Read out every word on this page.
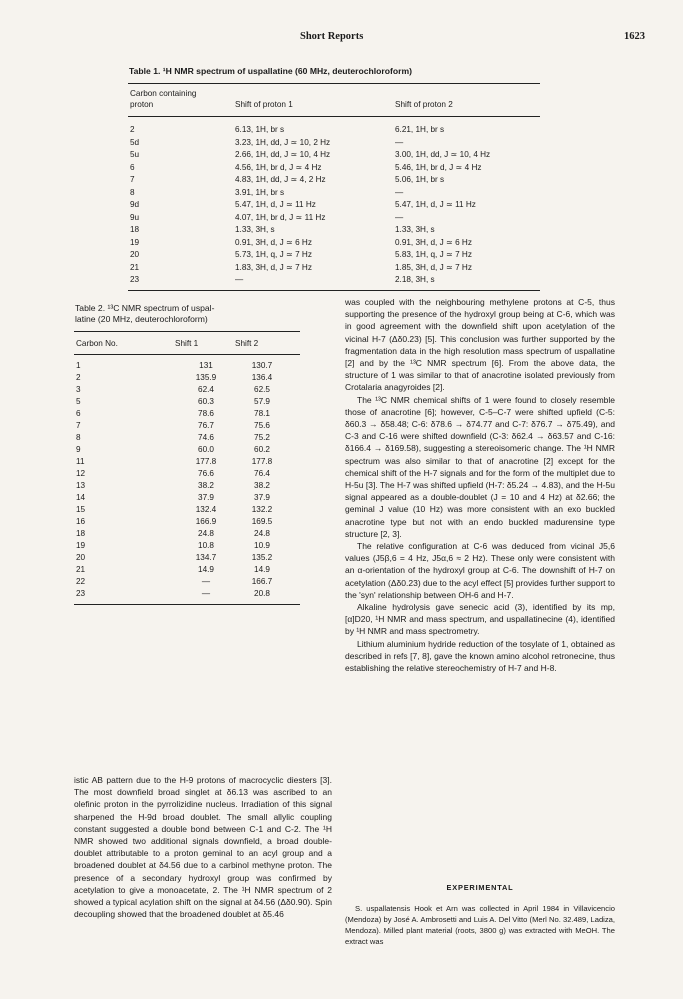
Short Reports	1623
Table 1. ¹H NMR spectrum of uspallatine (60 MHz, deuterochloroform)
Carbon containing
proton	Shift of proton 1	Shift of proton 2
2	6.13, 1H, br s	6.21, 1H, br s
5d	3.23, 1H, dd, J ≃ 10, 2 Hz	—
5u	2.66, 1H, dd, J ≃ 10, 4 Hz	3.00, 1H, dd, J ≃ 10, 4 Hz
6	4.56, 1H, br d, J ≃ 4 Hz	5.46, 1H, br d, J ≃ 4 Hz
7	4.83, 1H, dd, J ≃ 4, 2 Hz	5.06, 1H, br s
8	3.91, 1H, br s	—
9d	5.47, 1H, d, J ≃ 11 Hz	5.47, 1H, d, J ≃ 11 Hz
9u	4.07, 1H, br d, J ≃ 11 Hz	—
18	1.33, 3H, s	1.33, 3H, s
19	0.91, 3H, d, J ≃ 6 Hz	0.91, 3H, d, J ≃ 6 Hz
20	5.73, 1H, q, J ≃ 7 Hz	5.83, 1H, q, J ≃ 7 Hz
21	1.83, 3H, d, J ≃ 7 Hz	1.85, 3H, d, J ≃ 7 Hz
23	—	2.18, 3H, s
Table 2. ¹³C NMR spectrum of uspal-
latine (20 MHz, deuterochloroform)
Carbon No.	Shift 1	Shift 2
1	131	130.7
2	135.9	136.4
3	62.4	62.5
5	60.3	57.9
6	78.6	78.1
7	76.7	75.6
8	74.6	75.2
9	60.0	60.2
11	177.8	177.8
12	76.6	76.4
13	38.2	38.2
14	37.9	37.9
15	132.4	132.2
16	166.9	169.5
18	24.8	24.8
19	10.8	10.9
20	134.7	135.2
21	14.9	14.9
22	—	166.7
23	—	20.8

was coupled with the neighbouring methylene protons at C-5, thus supporting the presence of the hydroxyl group being at C-6, which was in good agreement with the downfield shift upon acetylation of the vicinal H-7 (Δδ0.23) [5]. This conclusion was further supported by the fragmentation data in the high resolution mass spectrum of uspallatine [2] and by the ¹³C NMR spectrum [6]. From the above data, the structure of 1 was similar to that of anacrotine isolated previously from Crotalaria anagyroides [2].

The ¹³C NMR chemical shifts of 1 were found to closely resemble those of anacrotine [6]; however, C-5–C-7 were shifted upfield (C-5: δ60.3 → δ58.48; C-6: δ78.6 → δ74.77 and C-7: δ76.7 → δ75.49), and C-3 and C-16 were shifted downfield (C-3: δ62.4 → δ63.57 and C-16: δ166.4 → δ169.58), suggesting a stereoisomeric change. The ¹H NMR spectrum was also similar to that of anacrotine [2] except for the chemical shift of the H-7 signals and for the form of the multiplet due to H-5u [3]. The H-7 was shifted upfield (H-7: δ5.24 → 4.83), and the H-5u signal appeared as a double-doublet (J = 10 and 4 Hz) at δ2.66; the geminal J value (10 Hz) was more consistent with an exo buckled anacrotine type but not with an endo buckled madurensine type structure [2, 3].

The relative configuration at C-6 was deduced from vicinal J5,6 values (J5β,6 = 4 Hz, J5α,6 ≈ 2 Hz). These only were consistent with an α-orientation of the hydroxyl group at C-6. The downshift of H-7 on acetylation (Δδ0.23) due to the acyl effect [5] provides further support to the 'syn' relationship between OH-6 and H-7.

Alkaline hydrolysis gave senecic acid (3), identified by its mp, [α]D20, ¹H NMR and mass spectrum, and uspallatinecine (4), identified by ¹H NMR and mass spectrometry.

Lithium aluminium hydride reduction of the tosylate of 1, obtained as described in refs [7, 8], gave the known amino alcohol retronecine, thus establishing the relative stereochemistry of H-7 and H-8.

EXPERIMENTAL
S. uspallatensis Hook et Arn was collected in April 1984 in Villavicencio (Mendoza) by José A. Ambrosetti and Luis A. Del Vitto (Merl No. 32.489, Ladiza, Mendoza). Milled plant material (roots, 3800 g) was extracted with MeOH. The extract was
istic AB pattern due to the H-9 protons of macrocyclic diesters [3]. The most downfield broad singlet at δ6.13 was ascribed to an olefinic proton in the pyrrolizidine nucleus. Irradiation of this signal sharpened the H-9d broad doublet. The small allylic coupling constant suggested a double bond between C-1 and C-2. The ¹H NMR showed two additional signals downfield, a broad double-doublet attributable to a proton geminal to an acyl group and a broadened doublet at δ4.56 due to a carbinol methyne proton. The presence of a secondary hydroxyl group was confirmed by acetylation to give a monoacetate, 2. The ¹H NMR spectrum of 2 showed a typical acylation shift on the signal at δ4.56 (Δδ0.90). Spin decoupling showed that the broadened doublet at δ5.46
